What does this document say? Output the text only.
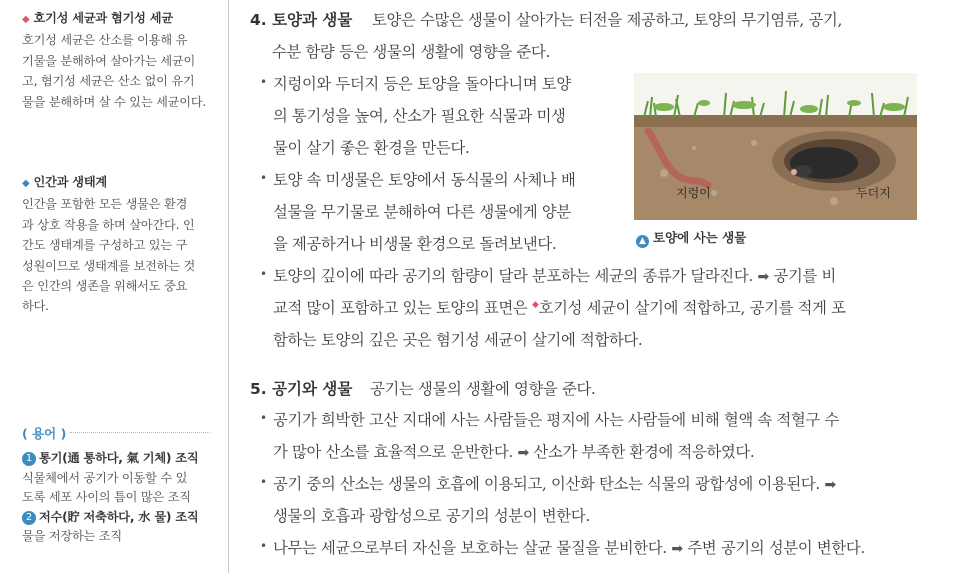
◆ 호기성 세균과 혐기성 세균
호기성 세균은 산소를 이용해 유
기물을 분해하여 살아가는 세균이
고, 혐기성 세균은 산소 없이 유기
물을 분해하며 살 수 있는 세균이다.
◆ 인간과 생태계
인간을 포함한 모든 생물은 환경
과 상호 작용을 하며 살아간다. 인
간도 생태계를 구성하고 있는 구
성원이므로 생태계를 보전하는 것
은 인간의 생존을 위해서도 중요
하다.
( 용어 )
1 통기(通 통하다, 氣 기체) 조직
식물체에서 공기가 이동할 수 있
도록 세포 사이의 틈이 많은 조직
2 저수(貯 저축하다, 水 물) 조직
물을 저장하는 조직
4. 토양과 생물 토양은 수많은 생물이 살아가는 터전을 제공하고, 토양의 무기염류, 공기,
수분 함량 등은 생물의 생활에 영향을 준다.
• 지렁이와 두더지 등은 토양을 돌아다니며 토양
의 통기성을 높여, 산소가 필요한 식물과 미생
물이 살기 좋은 환경을 만든다.
• 토양 속 미생물은 토양에서 동식물의 사체나 배
설물을 무기물로 분해하여 다른 생물에게 양분
을 제공하거나 비생물 환경으로 돌려보낸다.
지렁이	두더지
▲ 토양에 사는 생물
• 토양의 깊이에 따라 공기의 함량이 달라 분포하는 세균의 종류가 달라진다. ➡ 공기를 비
교적 많이 포함하고 있는 토양의 표면은 ◆호기성 세균이 살기에 적합하고, 공기를 적게 포
함하는 토양의 깊은 곳은 혐기성 세균이 살기에 적합하다.
5. 공기와 생물 공기는 생물의 생활에 영향을 준다.
• 공기가 희박한 고산 지대에 사는 사람들은 평지에 사는 사람들에 비해 혈액 속 적혈구 수
가 많아 산소를 효율적으로 운반한다. ➡ 산소가 부족한 환경에 적응하였다.
• 공기 중의 산소는 생물의 호흡에 이용되고, 이산화 탄소는 식물의 광합성에 이용된다. ➡
생물의 호흡과 광합성으로 공기의 성분이 변한다.
• 나무는 세균으로부터 자신을 보호하는 살균 물질을 분비한다. ➡ 주변 공기의 성분이 변한다.
